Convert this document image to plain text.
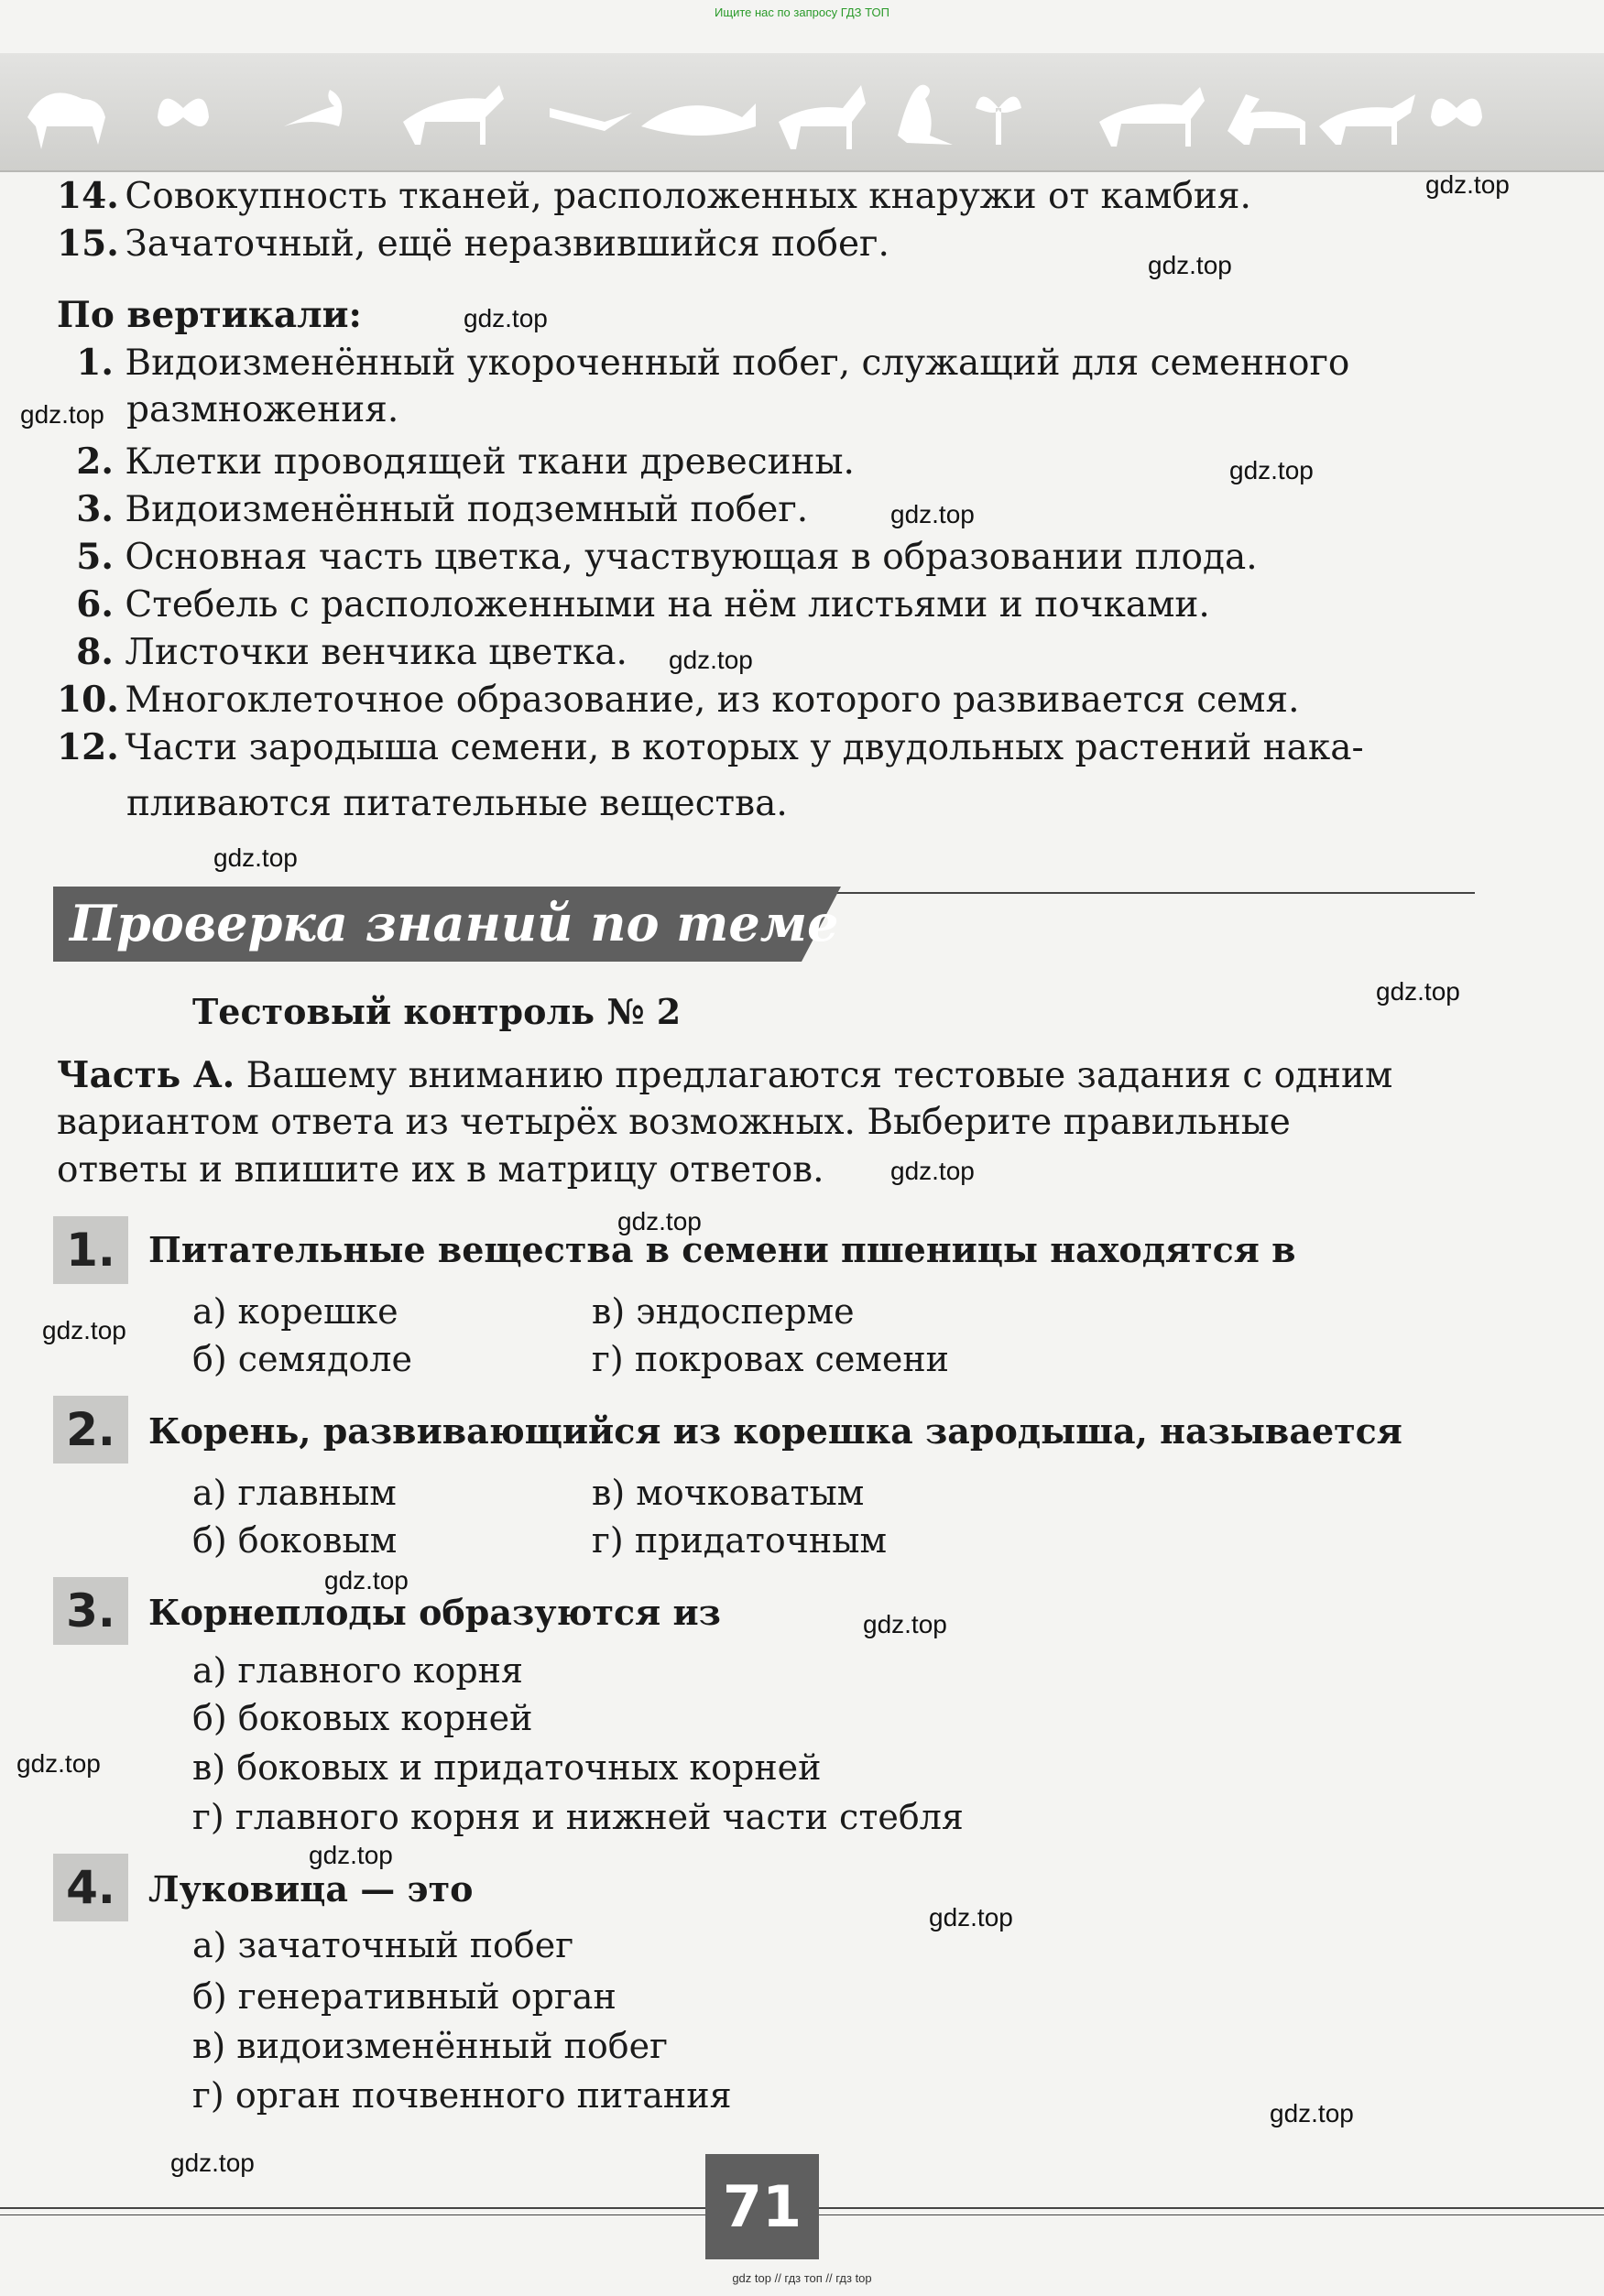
Ищите нас по запросу ГДЗ ТОП
14. Совокупность тканей, расположенных кнаружи от камбия.
15. Зачаточный, ещё неразвившийся побег.
По вертикали:
1. Видоизменённый укороченный побег, служащий для семенного
размножения.
2. Клетки проводящей ткани древесины.
3. Видоизменённый подземный побег.
5. Основная часть цветка, участвующая в образовании плода.
6. Стебель с расположенными на нём листьями и почками.
8. Листочки венчика цветка.
10. Многоклеточное образование, из которого развивается семя.
12. Части зародыша семени, в которых у двудольных растений нака-
пливаются питательные вещества.
Проверка знаний по теме
Тестовый контроль № 2
Часть А. Вашему вниманию предлагаются тестовые задания с одним
вариантом ответа из четырёх возможных. Выберите правильные
ответы и впишите их в матрицу ответов.
1. Питательные вещества в семени пшеницы находятся в
а) корешке	в) эндосперме
б) семядоле	г) покровах семени
2. Корень, развивающийся из корешка зародыша, называется
а) главным	в) мочковатым
б) боковым	г) придаточным
3. Корнеплоды образуются из
а) главного корня
б) боковых корней
в) боковых и придаточных корней
г) главного корня и нижней части стебля
4. Луковица — это
а) зачаточный побег
б) генеративный орган
в) видоизменённый побег
г) орган почвенного питания
gdz.top
gdz.top
gdz.top
gdz.top
gdz.top
gdz.top
gdz.top
gdz.top
gdz.top
gdz.top
gdz.top
gdz.top
gdz.top
gdz.top
gdz.top
gdz.top
gdz.top
gdz.top
gdz.top
71
gdz top // гдз топ // гдз top
